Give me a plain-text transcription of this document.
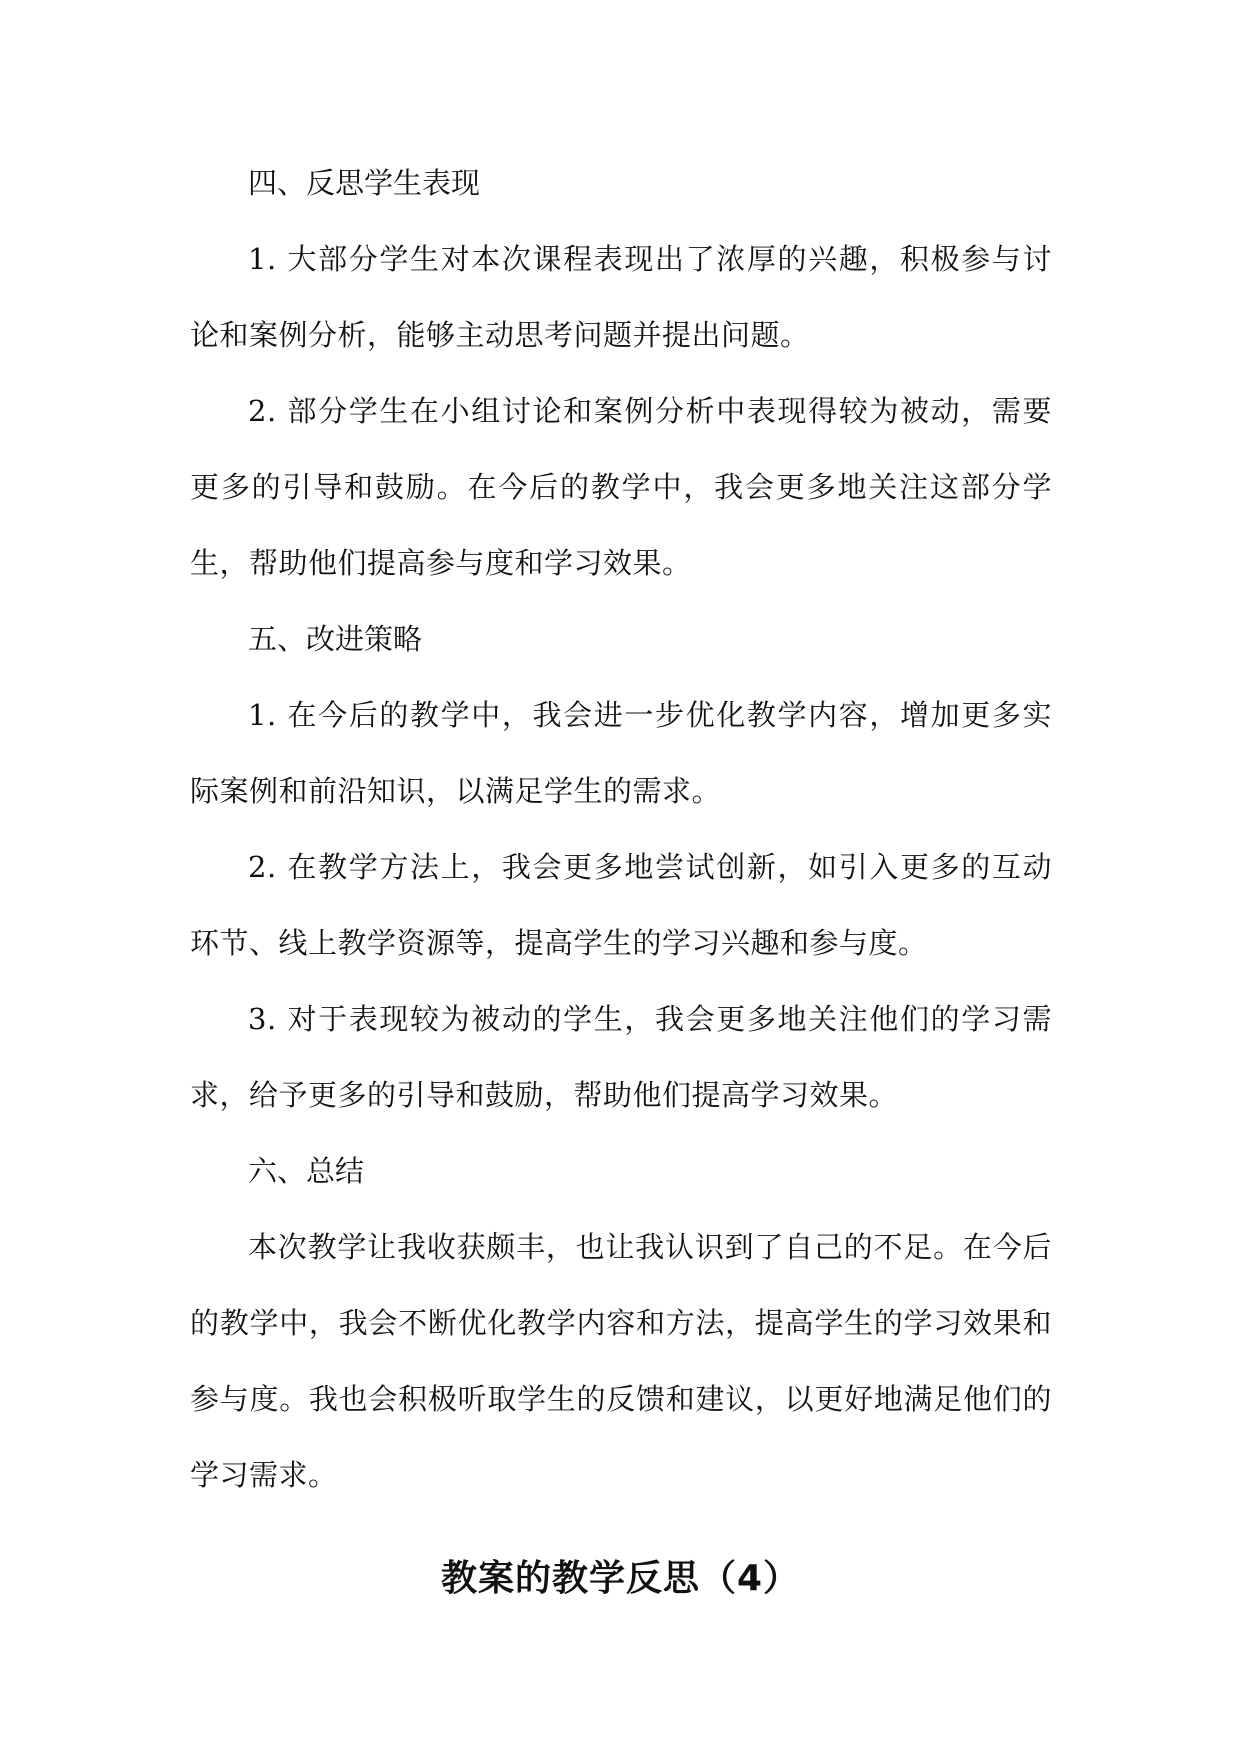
四、反思学生表现

1. 大部分学生对本次课程表现出了浓厚的兴趣，积极参与讨论和案例分析，能够主动思考问题并提出问题。

2. 部分学生在小组讨论和案例分析中表现得较为被动，需要更多的引导和鼓励。在今后的教学中，我会更多地关注这部分学生，帮助他们提高参与度和学习效果。

五、改进策略

1. 在今后的教学中，我会进一步优化教学内容，增加更多实际案例和前沿知识，以满足学生的需求。

2. 在教学方法上，我会更多地尝试创新，如引入更多的互动环节、线上教学资源等，提高学生的学习兴趣和参与度。

3. 对于表现较为被动的学生，我会更多地关注他们的学习需求，给予更多的引导和鼓励，帮助他们提高学习效果。

六、总结

本次教学让我收获颇丰，也让我认识到了自己的不足。在今后的教学中，我会不断优化教学内容和方法，提高学生的学习效果和参与度。我也会积极听取学生的反馈和建议，以更好地满足他们的学习需求。

教案的教学反思（4）
